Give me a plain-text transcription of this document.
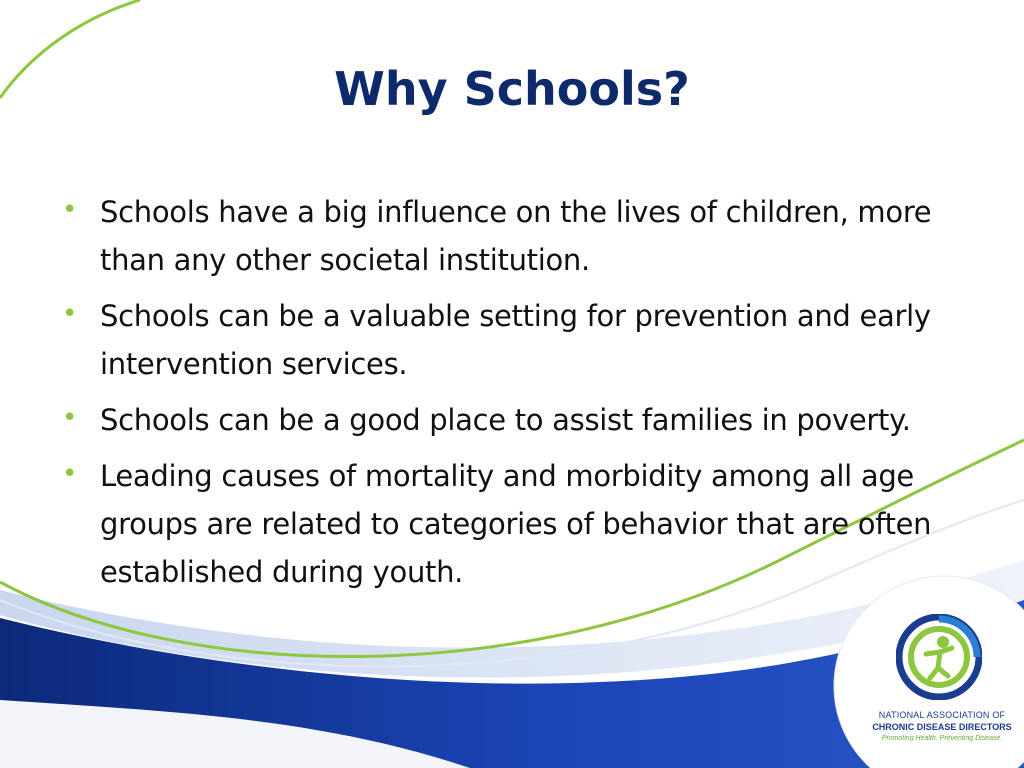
Why Schools?
• Schools have a big influence on the lives of children, more than any other societal institution.
• Schools can be a valuable setting for prevention and early intervention services.
• Schools can be a good place to assist families in poverty.
• Leading causes of mortality and morbidity among all age groups are related to categories of behavior that are often established during youth.
NATIONAL ASSOCIATION OF
CHRONIC DISEASE DIRECTORS
Promoting Health. Preventing Disease.
